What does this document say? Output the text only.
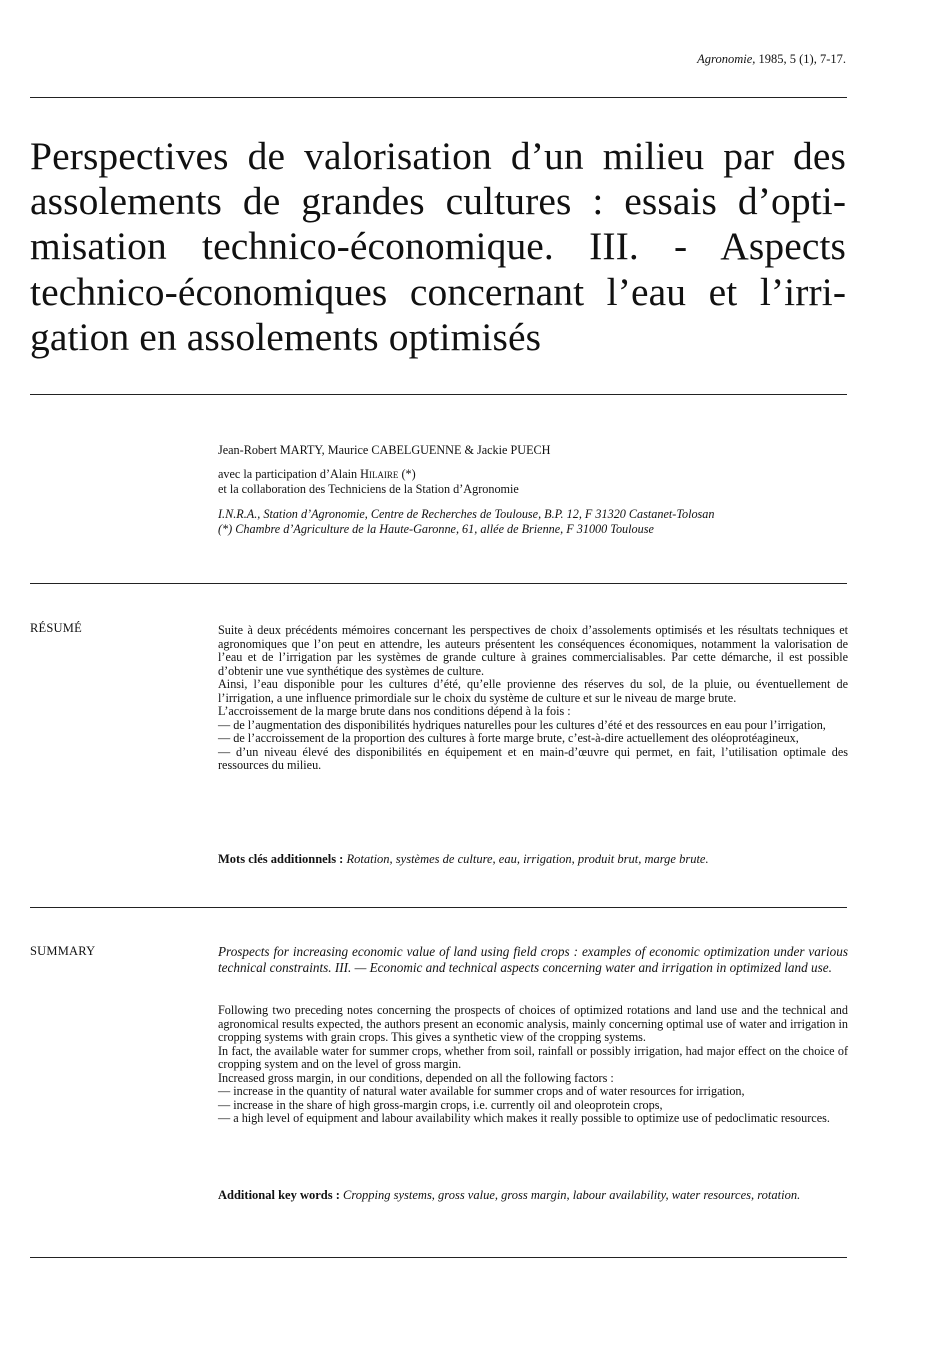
Agronomie, 1985, 5 (1), 7-17.
Perspectives de valorisation d’un milieu par des assolements de grandes cultures : essais d’optimisation technico-économique. III. - Aspects technico-économiques concernant l’eau et l’irrigation en assolements optimisés
Jean-Robert MARTY, Maurice CABELGUENNE & Jackie PUECH
avec la participation d’Alain Hilaire (*)
et la collaboration des Techniciens de la Station d’Agronomie
I.N.R.A., Station d’Agronomie, Centre de Recherches de Toulouse, B.P. 12, F 31320 Castanet-Tolosan
(*) Chambre d’Agriculture de la Haute-Garonne, 61, allée de Brienne, F 31000 Toulouse
RÉSUMÉ	Suite à deux précédents mémoires concernant les perspectives de choix d’assolements optimisés et les résultats techniques et agronomiques que l’on peut en attendre, les auteurs présentent les conséquences économiques, notamment la valorisation de l’eau et de l’irrigation par les systèmes de grande culture à graines commercialisables. Par cette démarche, il est possible d’obtenir une vue synthétique des systèmes de culture.

Ainsi, l’eau disponible pour les cultures d’été, qu’elle provienne des réserves du sol, de la pluie, ou éventuellement de l’irrigation, a une influence primordiale sur le choix du système de culture et sur le niveau de marge brute.

L’accroissement de la marge brute dans nos conditions dépend à la fois :

— de l’augmentation des disponibilités hydriques naturelles pour les cultures d’été et des ressources en eau pour l’irrigation,

— de l’accroissement de la proportion des cultures à forte marge brute, c’est-à-dire actuellement des oléoprotéagineux,

— d’un niveau élevé des disponibilités en équipement et en main-d’œuvre qui permet, en fait, l’utilisation optimale des ressources du milieu.

Mots clés additionnels : Rotation, systèmes de culture, eau, irrigation, produit brut, marge brute.
SUMMARY	Prospects for increasing economic value of land using field crops : examples of economic optimization under various technical constraints. III. — Economic and technical aspects concerning water and irrigation in optimized land use.

Following two preceding notes concerning the prospects of choices of optimized rotations and land use and the technical and agronomical results expected, the authors present an economic analysis, mainly concerning optimal use of water and irrigation in cropping systems with grain crops. This gives a synthetic view of the cropping systems.

In fact, the available water for summer crops, whether from soil, rainfall or possibly irrigation, had major effect on the choice of cropping system and on the level of gross margin.

Increased gross margin, in our conditions, depended on all the following factors :

— increase in the quantity of natural water available for summer crops and of water resources for irrigation,

— increase in the share of high gross-margin crops, i.e. currently oil and oleoprotein crops,

— a high level of equipment and labour availability which makes it really possible to optimize use of pedoclimatic resources.

Additional key words : Cropping systems, gross value, gross margin, labour availability, water resources, rotation.
